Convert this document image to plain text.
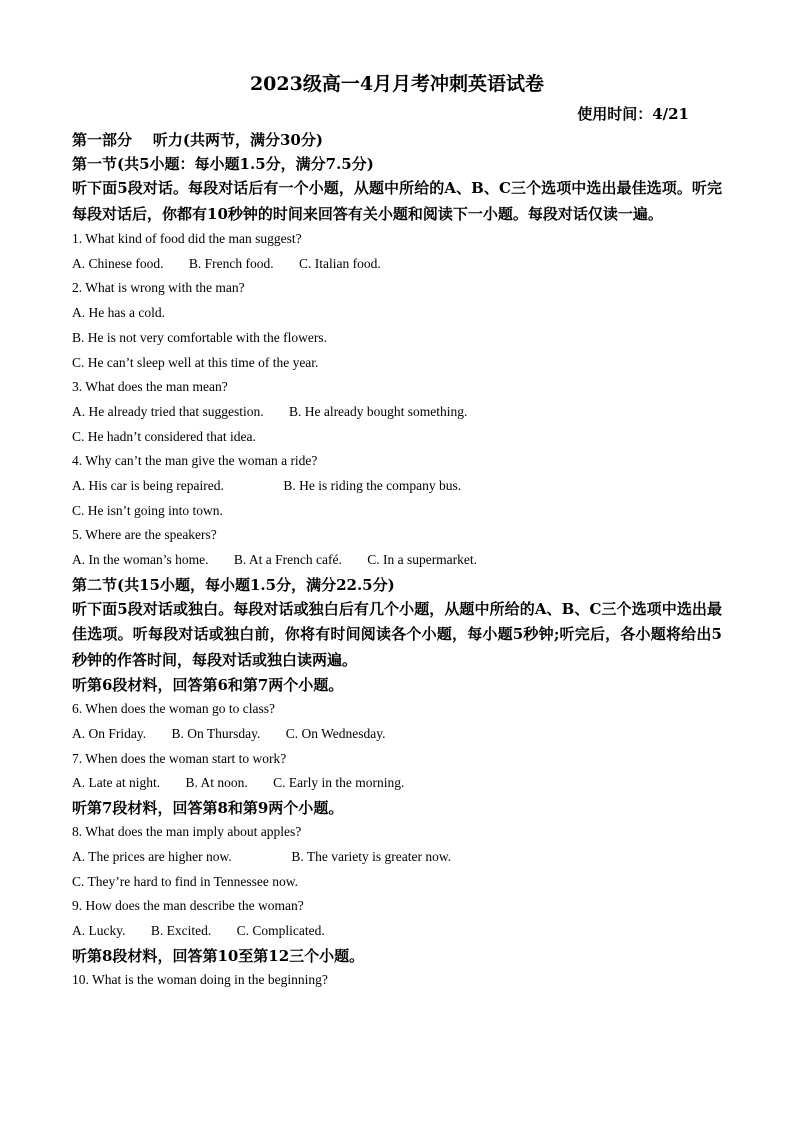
2023级高一4月月考冲刺英语试卷
使用时间：4/21

第一部分    听力(共两节，满分30分)

第一节(共5小题：每小题1.5分，满分7.5分)

听下面5段对话。每段对话后有一个小题，从题中所给的A、B、C三个选项中选出最佳选项。听完每段对话后，你都有10秒钟的时间来回答有关小题和阅读下一小题。每段对话仅读一遍。

1. What kind of food did the man suggest?

A. Chinese food. B. French food. C. Italian food.

2. What is wrong with the man?

A. He has a cold.

B. He is not very comfortable with the flowers.

C. He can’t sleep well at this time of the year.

3. What does the man mean?

A. He already tried that suggestion. B. He already bought something.

C. He hadn’t considered that idea.

4. Why can’t the man give the woman a ride?

A. His car is being repaired.	B. He is riding the company bus.

C. He isn’t going into town.

5. Where are the speakers?

A. In the woman’s home. B. At a French café. C. In a supermarket.

第二节(共15小题，每小题1.5分，满分22.5分)

听下面5段对话或独白。每段对话或独白后有几个小题，从题中所给的A、B、C三个选项中选出最佳选项。听每段对话或独白前，你将有时间阅读各个小题，每小题5秒钟;听完后，各小题将给出5秒钟的作答时间，每段对话或独白读两遍。

听第6段材料，回答第6和第7两个小题。

6. When does the woman go to class?

A. On Friday. B. On Thursday. C. On Wednesday.

7. When does the woman start to work?

A. Late at night. B. At noon. C. Early in the morning.

听第7段材料，回答第8和第9两个小题。

8. What does the man imply about apples?

A. The prices are higher now.	B. The variety is greater now.

C. They’re hard to find in Tennessee now.

9. How does the man describe the woman?

A. Lucky. B. Excited. C. Complicated.

听第8段材料，回答第10至第12三个小题。

10. What is the woman doing in the beginning?
